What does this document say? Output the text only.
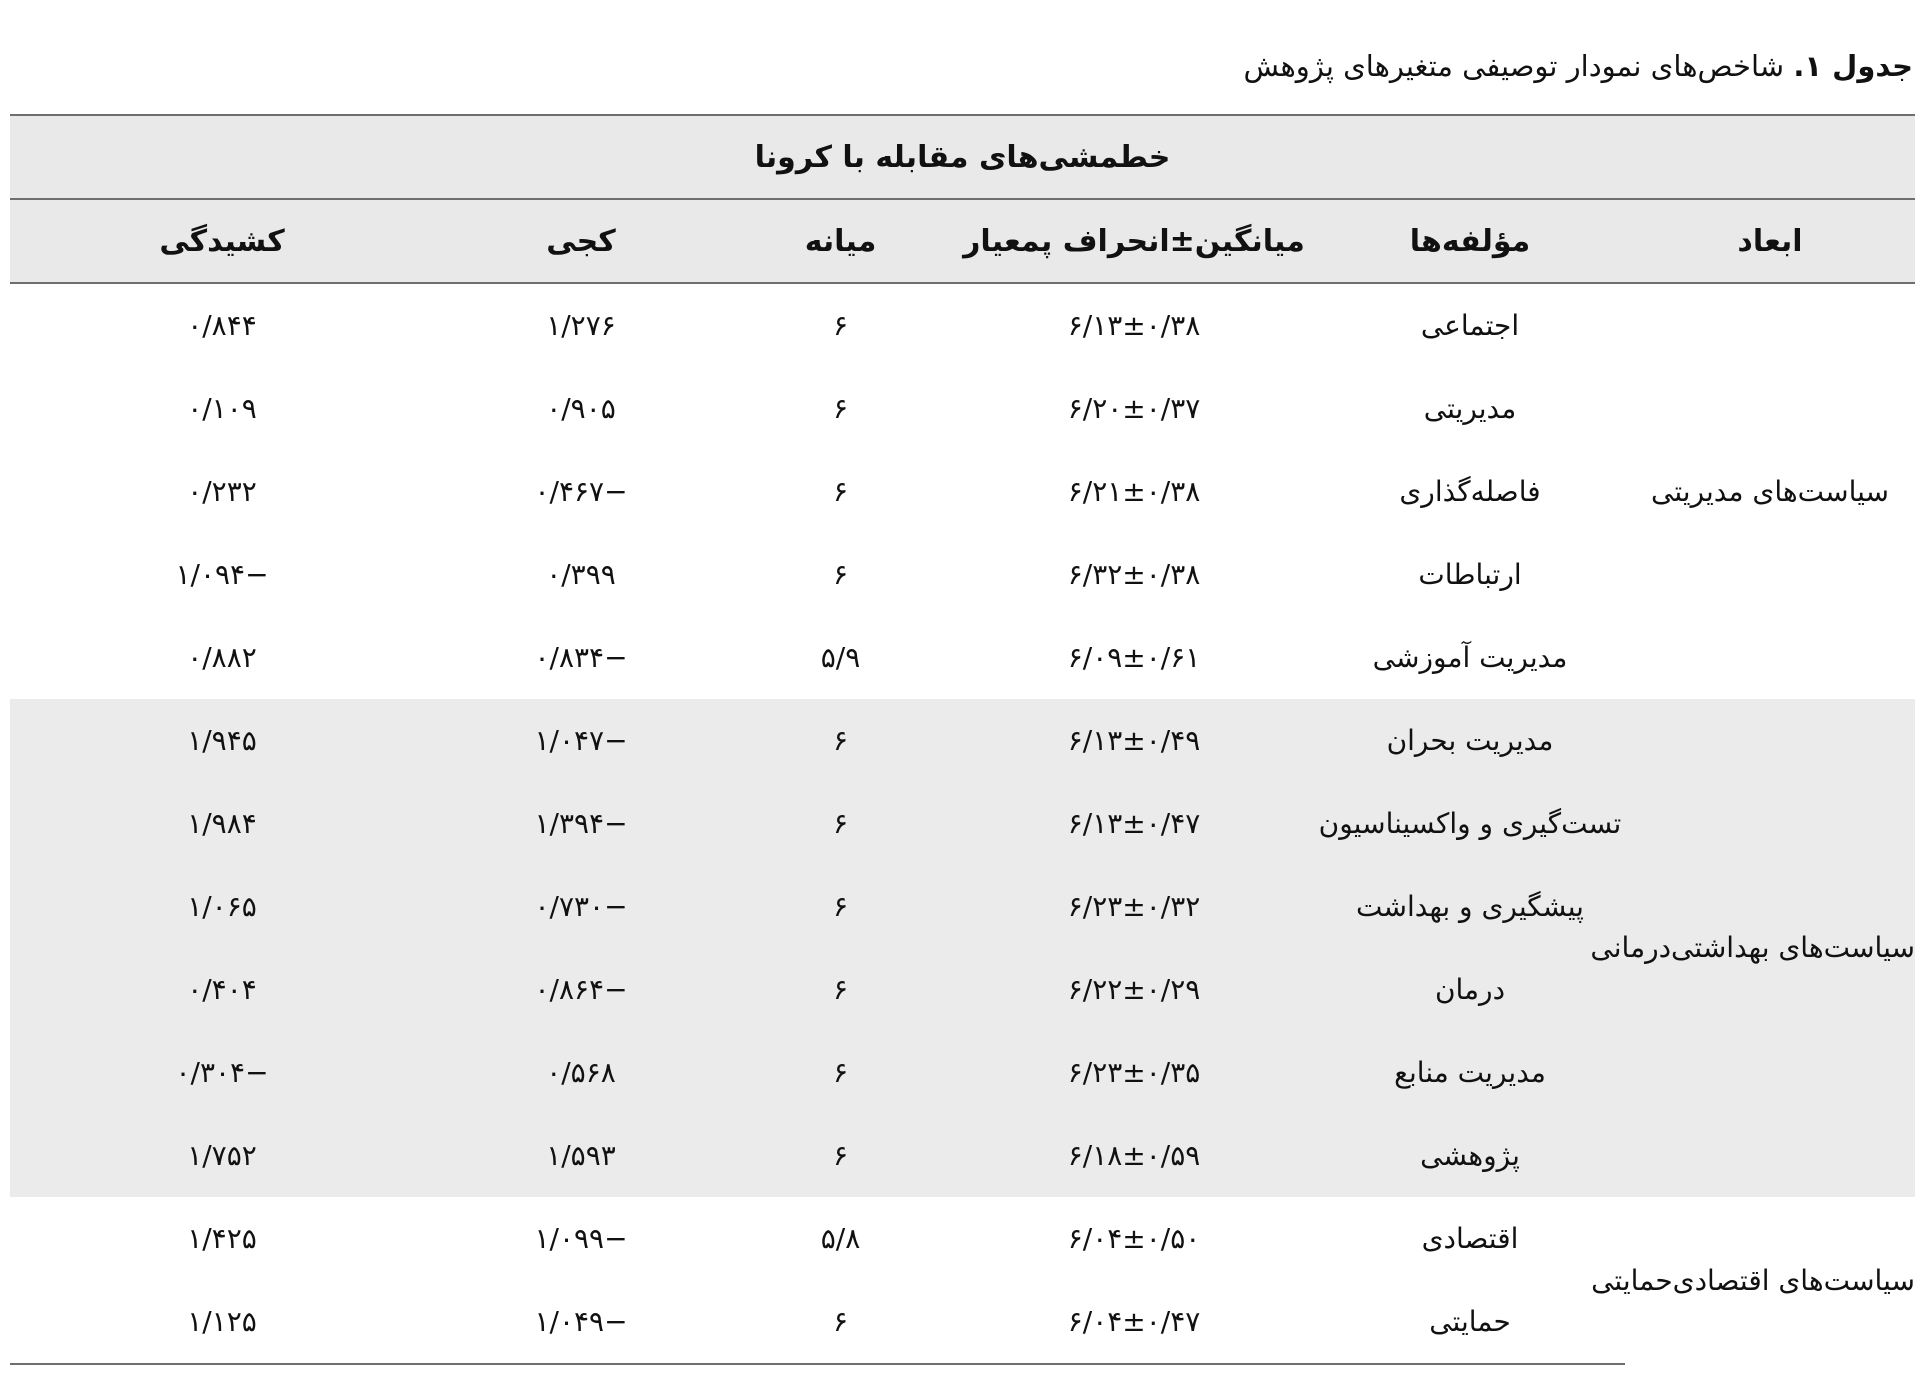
جدول ۱. شاخص‌های نمودار توصیفی متغیرهای پژوهش
خطمشی‌های مقابله با کرونا					
ابعاد	مؤلفه‌ها	میانگین±انحراف پمعیار	میانه	کجی	کشیدگی
سیاست‌های مدیریتی	اجتماعی	۶/۱۳±۰/۳۸	۶	۱/۲۷۶	۰/۸۴۴
	مدیریتی	۶/۲۰±۰/۳۷	۶	۰/۹۰۵	۰/۱۰۹
	فاصله‌گذاری	۶/۲۱±۰/۳۸	۶	−۰/۴۶۷	۰/۲۳۲
	ارتباطات	۶/۳۲±۰/۳۸	۶	۰/۳۹۹	−۱/۰۹۴
	مدیریت آموزشی	۶/۰۹±۰/۶۱	۵/۹	−۰/۸۳۴	۰/۸۸۲
سیاست‌های بهداشتی‌درمانی	مدیریت بحران	۶/۱۳±۰/۴۹	۶	−۱/۰۴۷	۱/۹۴۵
	تست‌گیری و واکسیناسیون	۶/۱۳±۰/۴۷	۶	−۱/۳۹۴	۱/۹۸۴
	پیشگیری و بهداشت	۶/۲۳±۰/۳۲	۶	−۰/۷۳۰	۱/۰۶۵
	درمان	۶/۲۲±۰/۲۹	۶	−۰/۸۶۴	۰/۴۰۴
	مدیریت منابع	۶/۲۳±۰/۳۵	۶	۰/۵۶۸	−۰/۳۰۴
	پژوهشی	۶/۱۸±۰/۵۹	۶	۱/۵۹۳	۱/۷۵۲
سیاست‌های اقتصادی‌حمایتی	اقتصادی	۶/۰۴±۰/۵۰	۵/۸	−۱/۰۹۹	۱/۴۲۵
	حمایتی	۶/۰۴±۰/۴۷	۶	−۱/۰۴۹	۱/۱۲۵
